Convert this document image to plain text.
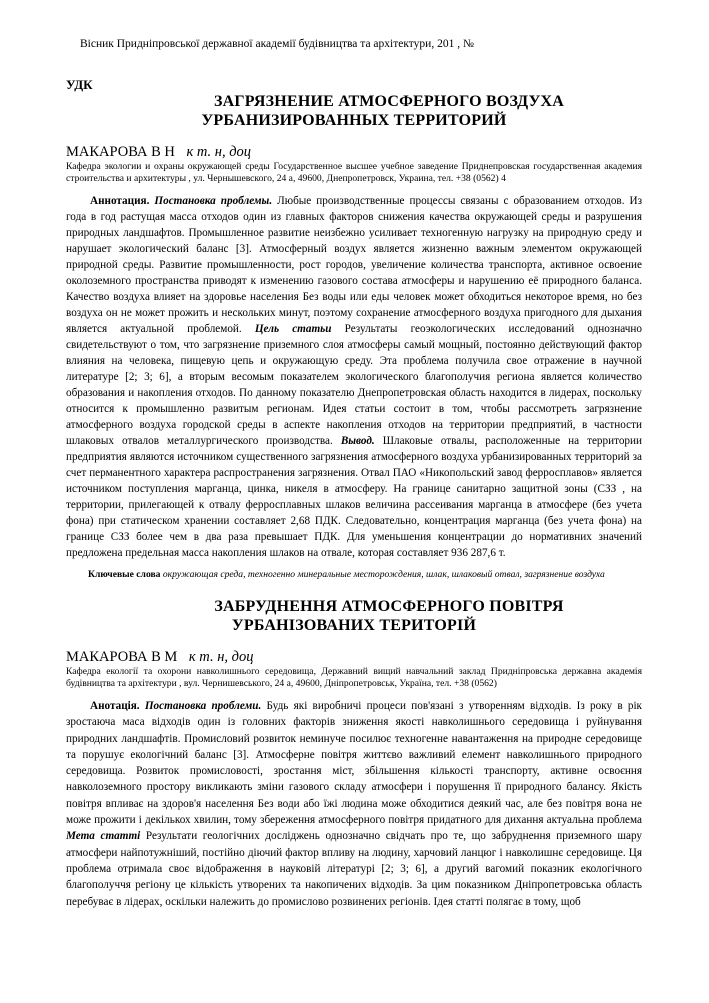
Вісник Придніпровської державної академії будівництва та архітектури, 201 , №
УДК
ЗАГРЯЗНЕНИЕ АТМОСФЕРНОГО ВОЗДУХА
УРБАНИЗИРОВАННЫХ ТЕРРИТОРИЙ
МАКАРОВА В Н к т. н, доц
Кафедра экологии и охраны окружающей среды Государственное высшее учебное заведение Приднепровская государственная академия строительства и архитектуры , ул. Чернышевского, 24 а, 49600, Днепропетровск, Украина, тел. +38 (0562) 4
Аннотация. Постановка проблемы. Любые производственные процессы связаны с образованием отходов. Из года в год растущая масса отходов один из главных факторов снижения качества окружающей среды и разрушения природных ландшафтов. Промышленное развитие неизбежно усиливает техногенную нагрузку на природную среду и нарушает экологический баланс [3]. Атмосферный воздух является жизненно важным элементом окружающей природной среды. Развитие промышленности, рост городов, увеличение количества транспорта, активное освоение околоземного пространства приводят к изменению газового состава атмосферы и нарушению её природного баланса. Качество воздуха влияет на здоровье населения Без воды или еды человек может обходиться некоторое время, но без воздуха он не может прожить и нескольких минут, поэтому сохранение атмосферного воздуха пригодного для дыхания является актуальной проблемой. Цель статьи Результаты геоэкологических исследований однозначно свидетельствуют о том, что загрязнение приземного слоя атмосферы самый мощный, постоянно действующий фактор влияния на человека, пищевую цепь и окружающую среду. Эта проблема получила свое отражение в научной литературе [2; 3; 6], а вторым весомым показателем экологического благополучия региона является количество образования и накопления отходов. По данному показателю Днепропетровская область находится в лидерах, поскольку относится к промышленно развитым регионам. Идея статьи состоит в том, чтобы рассмотреть загрязнение атмосферного воздуха городской среды в аспекте накопления отходов на территории предприятий, в частности шлаковых отвалов металлургического производства. Вывод. Шлаковые отвалы, расположенные на территории предприятия являются источником существенного загрязнения атмосферного воздуха урбанизированных территорий за счет перманентного характера распространения загрязнения. Отвал ПАО «Никопольский завод ферросплавов» является источником поступления марганца, цинка, никеля в атмосферу. На границе санитарно защитной зоны (СЗЗ , на территории, прилегающей к отвалу ферросплавных шлаков величина рассеивания марганца в атмосфере (без учета фона) при статическом хранении составляет 2,68 ПДК. Следовательно, концентрация марганца (без учета фона) на границе СЗЗ более чем в два раза превышает ПДК. Для уменьшения концентрации до нормативних значений предложена предельная масса накопления шлаков на отвале, которая составляет 936 287,6 т.
Ключевые слова окружающая среда, техногенно минеральные месторождения, шлак, шлаковый отвал, загрязнение воздуха
ЗАБРУДНЕННЯ АТМОСФЕРНОГО ПОВІТРЯ
УРБАНІЗОВАНИХ ТЕРИТОРІЙ
МАКАРОВА В М к т. н, доц
Кафедра екології та охорони навколишнього середовища, Державний вищий навчальний заклад Придніпровська державна академія будівництва та архітектури , вул. Чернишевського, 24 а, 49600, Дніпропетровськ, Україна, тел. +38 (0562)
Анотація. Постановка проблеми. Будь які виробничі процеси пов'язані з утворенням відходів. Із року в рік зростаюча маса відходів один із головних факторів зниження якості навколишнього середовища і руйнування природних ландшафтів. Промисловий розвиток неминуче посилює техногенне навантаження на природне середовище та порушує екологічний баланс [3]. Атмосферне повітря життєво важливий елемент навколишнього природного середовища. Розвиток промисловості, зростання міст, збільшення кількості транспорту, активне освоєння навколоземного простору викликають зміни газового складу атмосфери і порушення її природного балансу. Якість повітря впливає на здоров'я населення Без води або їжі людина може обходитися деякий час, але без повітря вона не може прожити і декількох хвилин, тому збереження атмосферного повітря придатного для дихання актуальна проблема Мета статті Результати геологічних досліджень однозначно свідчать про те, що забруднення приземного шару атмосфери найпотужніший, постійно діючий фактор впливу на людину, харчовий ланцюг і навколишнє середовище. Ця проблема отримала своє відображення в науковій літературі [2; 3; 6], а другий вагомий показник екологічного благополуччя регіону це кількість утворених та накопичених відходів. За цим показником Дніпропетровська область перебуває в лідерах, оскільки належить до промислово розвинених регіонів. Ідея статті полягає в тому, щоб
